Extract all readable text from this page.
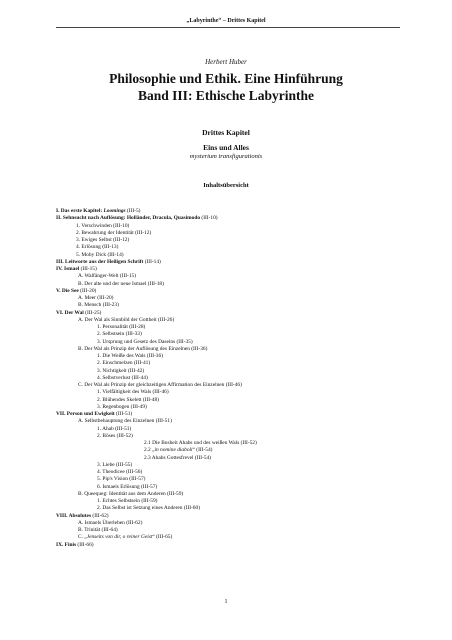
„Labyrinthe“ – Drittes Kapitel
Herbert Huber
Philosophie und Ethik. Eine Hinführung
Band III: Ethische Labyrinthe
Drittes Kapitel
Eins und Alles
mysterium transfigurationis
Inhaltsübersicht
I. Das erste Kapitel: Loomings (III-5)
II. Sehnsucht nach Auflösung: Holländer, Dracula, Quasimodo (III-10)
1. Verschwinden (III-10)
2. Bewahrung der Identität (III-12)
3. Ewiges Selbst (III-12)
4. Erlösung (III-13)
5. Moby Dick (III-14)
III. Leitworte aus der Heiligen Schrift (III-14)
IV. Ismael (III-15)
A. Walfänger-Welt (III-15)
B. Der alte und der neue Ismael (III-18)
V. Die See (III-20)
A. Meer (III-20)
B. Mensch (III-23)
VI. Der Wal (III-25)
A. Der Wal als Sinnbild der Gottheit (III-26)
1. Personalität (III-28)
2. Selbstsein (III-33)
3. Ursprung und Gesetz des Daseins (III-35)
B. Der Wal als Prinzip der Auflösung des Einzelnen (III-36)
1. Die Weiße des Wals (III-36)
2. Einschmelzen (III-41)
3. Nichtigkeit (III-42)
4. Selbstverlust (III-44)
C. Der Wal als Prinzip der gleichzeitigen Affirmation des Einzelnen (III-46)
1. Vielfältigkeit des Wals (III-46)
2. Blühendes Skelett (III-48)
3. Regenbogen (III-49)
VII. Person und Ewigkeit (III-51)
A. Selbstbehauptung des Einzelnen (III-51)
1. Ahab (III-51)
2. Böses (III-52)
2.1 Die Bosheit Ahabs und des weißen Wals (III-52)
2.2 „in nomine diaboli“ (III-54)
2.3 Ahabs Gottesfrevel (III-54)
3. Liebe (III-55)
4. Theodicee (III-56)
5. Pip's Vision (III-57)
6. Ismaels Erlösung (III-57)
B. Queequeg: Identität aus dem Anderen (III-59)
1. Echtes Selbstsein (III-59)
2. Das Selbst ist Setzung eines Anderen (III-60)
VIII. Absolutes (III-62)
A. Ismaels Überleben (III-62)
B. Trinität (III-64)
C. „Jenseits von dir, o reiner Geist“ (III-65)
IX. Finis (III-66)
1
